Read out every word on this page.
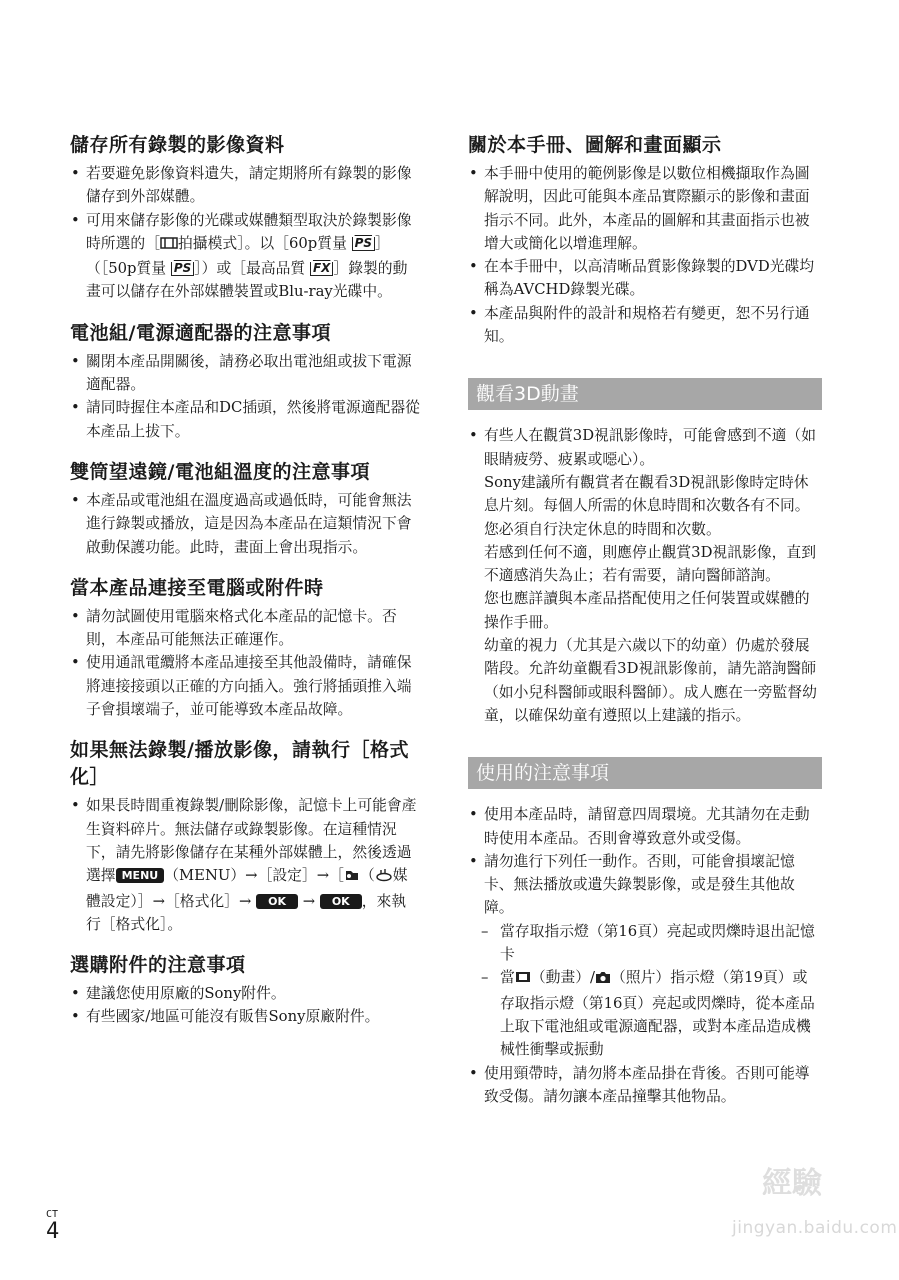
儲存所有錄製的影像資料
• 若要避免影像資料遺失，請定期將所有錄製的影像儲存到外部媒體。
• 可用來儲存影像的光碟或媒體類型取決於錄製影像時所選的［ 拍攝模式］。以［60p質量 $\overline{PS}$ ］（［50p質量 $\overline{PS}$ ］）或［最高品質 $\overline{FX}$ ］錄製的動畫可以儲存在外部媒體裝置或Blu-ray光碟中。
電池組/電源適配器的注意事項
• 關閉本產品開關後，請務必取出電池組或拔下電源適配器。
• 請同時握住本產品和DC插頭，然後將電源適配器從本產品上拔下。
雙筒望遠鏡/電池組溫度的注意事項
• 本產品或電池組在溫度過高或過低時，可能會無法進行錄製或播放，這是因為本產品在這類情況下會啟動保護功能。此時，畫面上會出現指示。
當本產品連接至電腦或附件時
• 請勿試圖使用電腦來格式化本產品的記憶卡。否則，本產品可能無法正確運作。
• 使用通訊電纜將本產品連接至其他設備時，請確保將連接接頭以正確的方向插入。強行將插頭推入端子會損壞端子，並可能導致本產品故障。
如果無法錄製/播放影像，請執行［格式化］
• 如果長時間重複錄製/刪除影像，記憶卡上可能會產生資料碎片。無法儲存或錄製影像。在這種情況下，請先將影像儲存在某種外部媒體上，然後透過選擇 MENU （MENU）→［設定］→［ （ 媒體設定）］→［格式化］→ OK → OK ，來執行［格式化］。
選購附件的注意事項
• 建議您使用原廠的Sony附件。
• 有些國家/地區可能沒有販售Sony原廠附件。
關於本手冊、圖解和畫面顯示
• 本手冊中使用的範例影像是以數位相機擷取作為圖解說明，因此可能與本產品實際顯示的影像和畫面指示不同。此外，本產品的圖解和其畫面指示也被增大或簡化以增進理解。
• 在本手冊中，以高清晰品質影像錄製的DVD光碟均稱為AVCHD錄製光碟。
• 本產品與附件的設計和規格若有變更，恕不另行通知。
觀看3D動畫
• 有些人在觀賞3D視訊影像時，可能會感到不適（如眼睛疲勞、疲累或噁心）。

Sony建議所有觀賞者在觀看3D視訊影像時定時休息片刻。每個人所需的休息時間和次數各有不同。您必須自行決定休息的時間和次數。

若感到任何不適，則應停止觀賞3D視訊影像，直到不適感消失為止；若有需要，請向醫師諮詢。

您也應詳讀與本產品搭配使用之任何裝置或媒體的操作手冊。

幼童的視力（尤其是六歲以下的幼童）仍處於發展階段。允許幼童觀看3D視訊影像前，請先諮詢醫師（如小兒科醫師或眼科醫師）。成人應在一旁監督幼童，以確保幼童有遵照以上建議的指示。

使用的注意事項
• 使用本產品時，請留意四周環境。尤其請勿在走動時使用本產品。否則會導致意外或受傷。
• 請勿進行下列任一動作。否則，可能會損壞記憶卡、無法播放或遺失錄製影像，或是發生其他故障。
– 當存取指示燈（第16頁）亮起或閃爍時退出記憶卡
– 當 （動畫）/ （照片）指示燈（第19頁）或存取指示燈（第16頁）亮起或閃爍時，從本產品上取下電池組或電源適配器，或對本產品造成機械性衝擊或振動
• 使用頸帶時，請勿將本產品掛在背後。否則可能導致受傷。請勿讓本產品撞擊其他物品。
CT
4
經驗
jingyan.baidu.com
